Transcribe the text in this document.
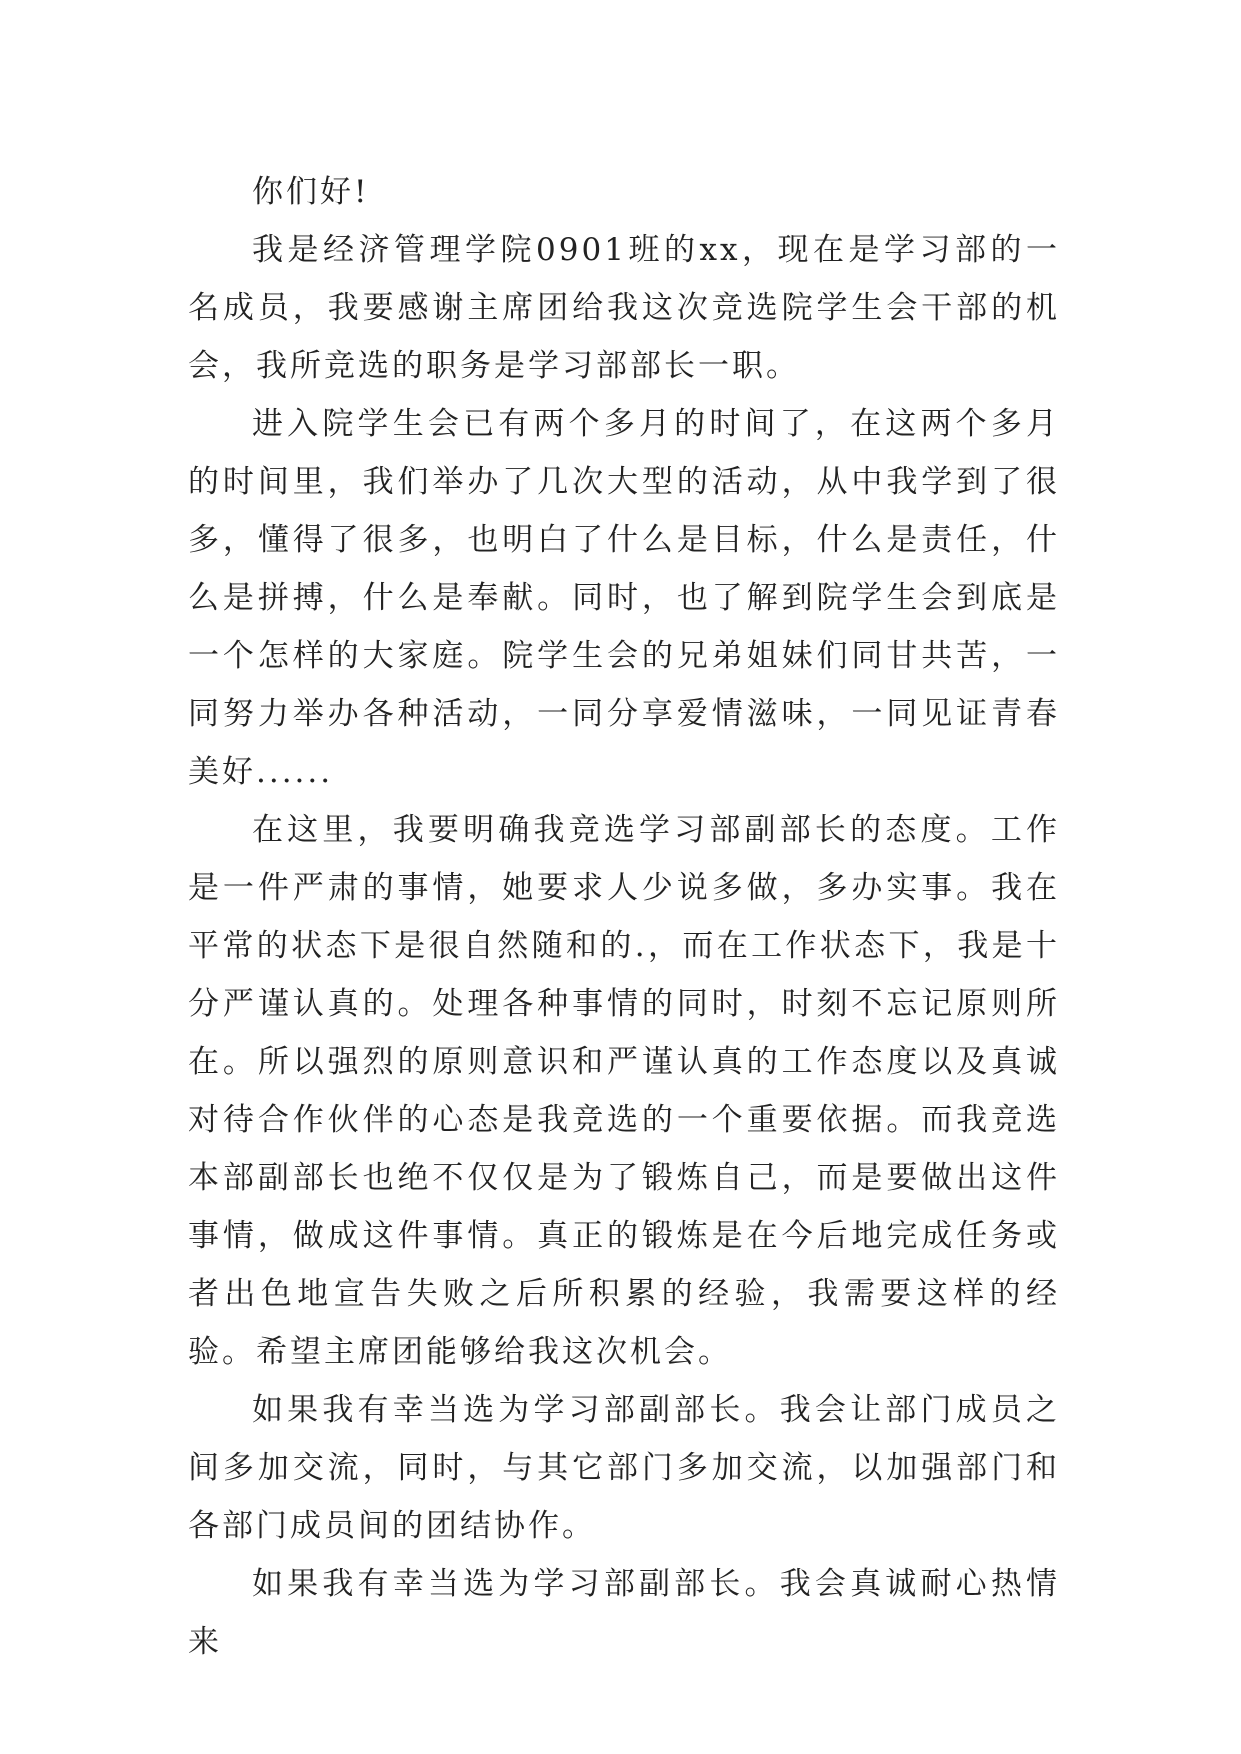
你们好!

我是经济管理学院0901班的xx，现在是学习部的一名成员，我要感谢主席团给我这次竞选院学生会干部的机会，我所竞选的职务是学习部部长一职。

进入院学生会已有两个多月的时间了，在这两个多月的时间里，我们举办了几次大型的活动，从中我学到了很多，懂得了很多，也明白了什么是目标，什么是责任，什么是拼搏，什么是奉献。同时，也了解到院学生会到底是一个怎样的大家庭。院学生会的兄弟姐妹们同甘共苦，一同努力举办各种活动，一同分享爱情滋味，一同见证青春美好......

在这里，我要明确我竞选学习部副部长的态度。工作是一件严肃的事情，她要求人少说多做，多办实事。我在平常的状态下是很自然随和的.，而在工作状态下，我是十分严谨认真的。处理各种事情的同时，时刻不忘记原则所在。所以强烈的原则意识和严谨认真的工作态度以及真诚对待合作伙伴的心态是我竞选的一个重要依据。而我竞选本部副部长也绝不仅仅是为了锻炼自己，而是要做出这件事情，做成这件事情。真正的锻炼是在今后地完成任务或者出色地宣告失败之后所积累的经验，我需要这样的经验。希望主席团能够给我这次机会。

如果我有幸当选为学习部副部长。我会让部门成员之间多加交流，同时，与其它部门多加交流，以加强部门和各部门成员间的团结协作。

如果我有幸当选为学习部副部长。我会真诚耐心热情来
